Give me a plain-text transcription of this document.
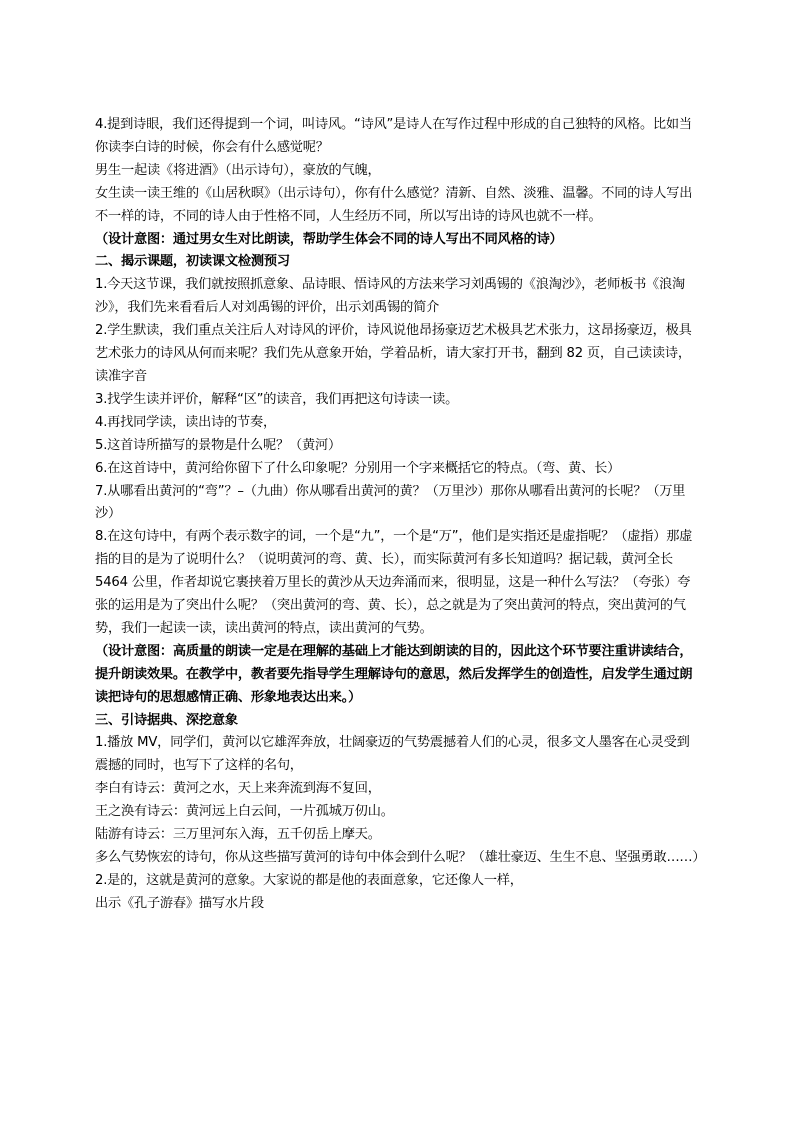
4.提到诗眼，我们还得提到一个词，叫诗风。“诗风”是诗人在写作过程中形成的自己独特的风格。比如当你读李白诗的时候，你会有什么感觉呢？

男生一起读《将进酒》（出示诗句），豪放的气魄，

女生读一读王维的《山居秋暝》（出示诗句），你有什么感觉？清新、自然、淡雅、温馨。不同的诗人写出不一样的诗，不同的诗人由于性格不同，人生经历不同，所以写出诗的诗风也就不一样。

（设计意图：通过男女生对比朗读，帮助学生体会不同的诗人写出不同风格的诗）

二、揭示课题，初读课文检测预习

1.今天这节课，我们就按照抓意象、品诗眼、悟诗风的方法来学习刘禹锡的《浪淘沙》，老师板书《浪淘沙》，我们先来看看后人对刘禹锡的评价，出示刘禹锡的简介

2.学生默读，我们重点关注后人对诗风的评价，诗风说他昂扬豪迈艺术极具艺术张力，这昂扬豪迈，极具艺术张力的诗风从何而来呢？我们先从意象开始，学着品析，请大家打开书，翻到 82 页，自己读读诗，读准字音

3.找学生读并评价，解释“区”的读音，我们再把这句诗读一读。

4.再找同学读，读出诗的节奏，

5.这首诗所描写的景物是什么呢？（黄河）

6.在这首诗中，黄河给你留下了什么印象呢？分别用一个字来概括它的特点。（弯、黄、长）

7.从哪看出黄河的“弯”？–（九曲）你从哪看出黄河的黄？（万里沙）那你从哪看出黄河的长呢？（万里沙）

8.在这句诗中，有两个表示数字的词，一个是“九”，一个是“万”，他们是实指还是虚指呢？（虚指）那虚指的目的是为了说明什么？（说明黄河的弯、黄、长），而实际黄河有多长知道吗？据记载，黄河全长 5464 公里，作者却说它裹挟着万里长的黄沙从天边奔涌而来，很明显，这是一种什么写法？（夸张）夸张的运用是为了突出什么呢？（突出黄河的弯、黄、长），总之就是为了突出黄河的特点，突出黄河的气势，我们一起读一读，读出黄河的特点，读出黄河的气势。

（设计意图：高质量的朗读一定是在理解的基础上才能达到朗读的目的，因此这个环节要注重讲读结合，提升朗读效果。在教学中，教者要先指导学生理解诗句的意思，然后发挥学生的创造性，启发学生通过朗读把诗句的思想感情正确、形象地表达出来。）

三、引诗据典、深挖意象

1.播放 MV，同学们，黄河以它雄浑奔放，壮阔豪迈的气势震撼着人们的心灵，很多文人墨客在心灵受到震撼的同时，也写下了这样的名句，

李白有诗云：黄河之水，天上来奔流到海不复回，

王之涣有诗云：黄河远上白云间，一片孤城万仞山。

陆游有诗云：三万里河东入海，五千仞岳上摩天。

多么气势恢宏的诗句，你从这些描写黄河的诗句中体会到什么呢？（雄壮豪迈、生生不息、坚强勇敢……）

2.是的，这就是黄河的意象。大家说的都是他的表面意象，它还像人一样，

出示《孔子游春》描写水片段
